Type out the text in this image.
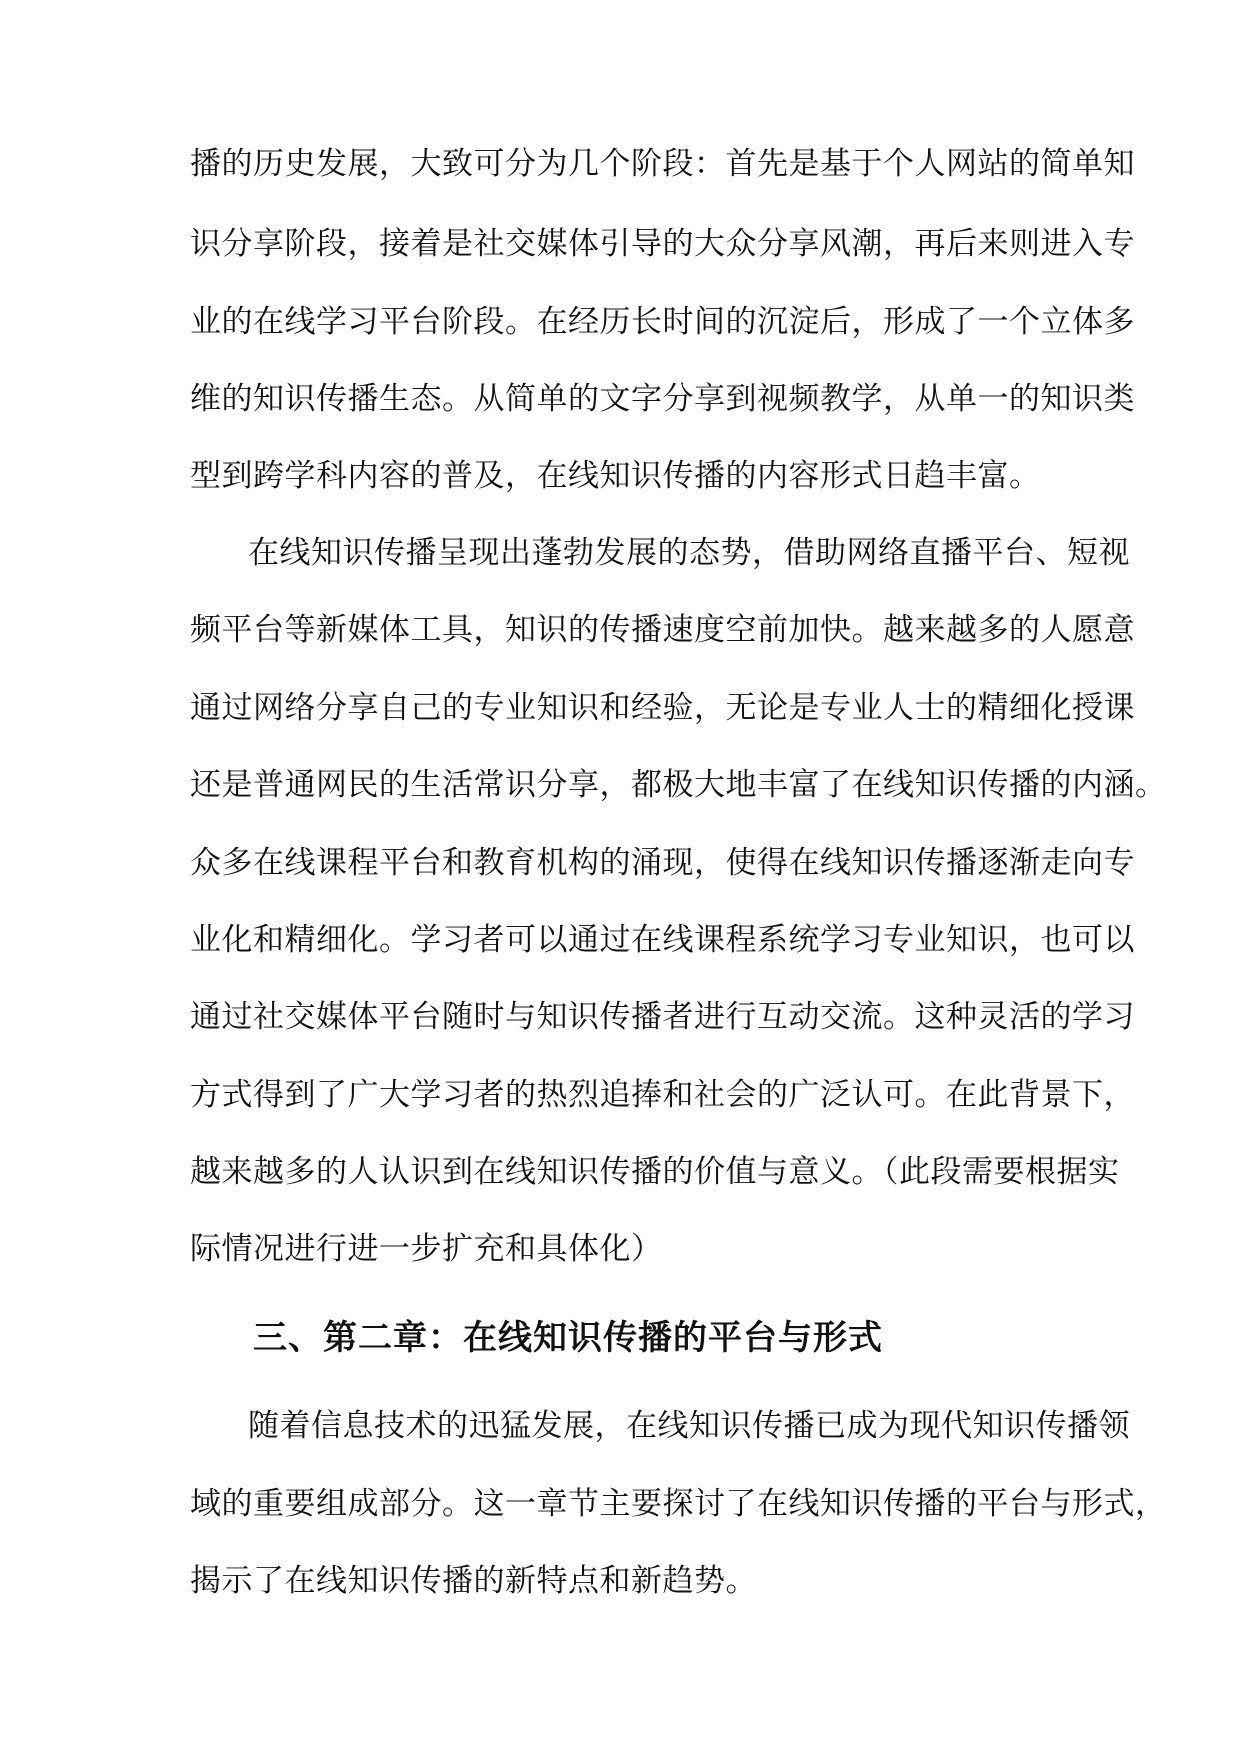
播的历史发展，大致可分为几个阶段：首先是基于个人网站的简单知

识分享阶段，接着是社交媒体引导的大众分享风潮，再后来则进入专

业的在线学习平台阶段。在经历长时间的沉淀后，形成了一个立体多

维的知识传播生态。从简单的文字分享到视频教学，从单一的知识类

型到跨学科内容的普及，在线知识传播的内容形式日趋丰富。

在线知识传播呈现出蓬勃发展的态势，借助网络直播平台、短视

频平台等新媒体工具，知识的传播速度空前加快。越来越多的人愿意

通过网络分享自己的专业知识和经验，无论是专业人士的精细化授课

还是普通网民的生活常识分享，都极大地丰富了在线知识传播的内涵。

众多在线课程平台和教育机构的涌现，使得在线知识传播逐渐走向专

业化和精细化。学习者可以通过在线课程系统学习专业知识，也可以

通过社交媒体平台随时与知识传播者进行互动交流。这种灵活的学习

方式得到了广大学习者的热烈追捧和社会的广泛认可。在此背景下，

越来越多的人认识到在线知识传播的价值与意义。（此段需要根据实

际情况进行进一步扩充和具体化）

三、第二章：在线知识传播的平台与形式

随着信息技术的迅猛发展，在线知识传播已成为现代知识传播领

域的重要组成部分。这一章节主要探讨了在线知识传播的平台与形式，

揭示了在线知识传播的新特点和新趋势。
